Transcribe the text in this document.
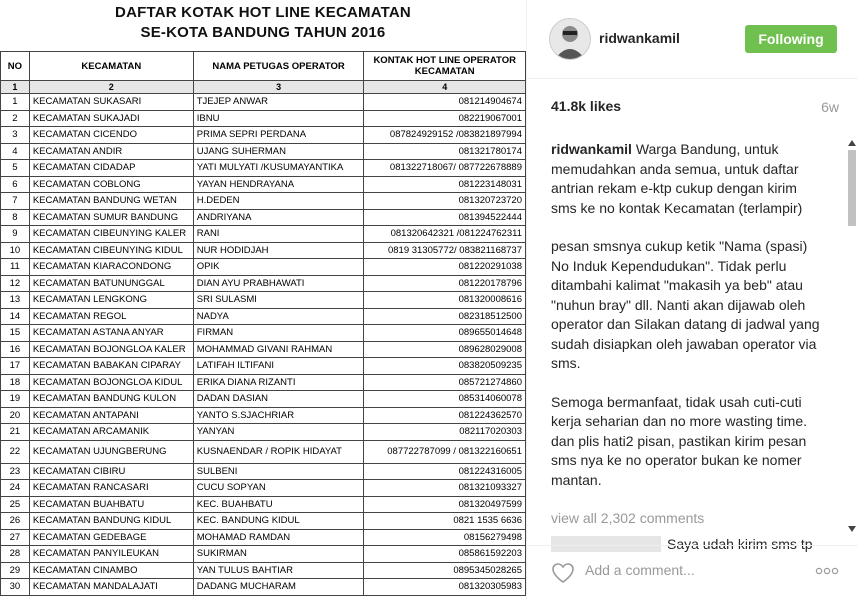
DAFTAR KOTAK HOT LINE KECAMATAN
SE-KOTA BANDUNG TAHUN 2016
NO	KECAMATAN	NAMA PETUGAS OPERATOR	KONTAK HOT LINE OPERATOR KECAMATAN
1	2	3	4
1	KECAMATAN SUKASARI	TJEJEP ANWAR	081214904674
2	KECAMATAN SUKAJADI	IBNU	082219067001
3	KECAMATAN CICENDO	PRIMA SEPRI PERDANA	087824929152 /083821897994
4	KECAMATAN ANDIR	UJANG SUHERMAN	081321780174
5	KECAMATAN CIDADAP	YATI MULYATI /KUSUMAYANTIKA	081322718067/ 087722678889
6	KECAMATAN COBLONG	YAYAN HENDRAYANA	081223148031
7	KECAMATAN BANDUNG WETAN	H.DEDEN	081320723720
8	KECAMATAN SUMUR BANDUNG	ANDRIYANA	081394522444
9	KECAMATAN CIBEUNYING KALER	RANI	081320642321 /081224762311
10	KECAMATAN CIBEUNYING KIDUL	NUR HODIDJAH	0819 31305772/ 083821168737
11	KECAMATAN KIARACONDONG	OPIK	081220291038
12	KECAMATAN BATUNUNGGAL	DIAN AYU PRABHAWATI	081220178796
13	KECAMATAN LENGKONG	SRI SULASMI	081320008616
14	KECAMATAN REGOL	NADYA	082318512500
15	KECAMATAN ASTANA ANYAR	FIRMAN	089655014648
16	KECAMATAN BOJONGLOA KALER	MOHAMMAD GIVANI RAHMAN	089628029008
17	KECAMATAN BABAKAN CIPARAY	LATIFAH ILTIFANI	083820509235
18	KECAMATAN BOJONGLOA KIDUL	ERIKA DIANA RIZANTI	085721274860
19	KECAMATAN BANDUNG KULON	DADAN DASIAN	085314060078
20	KECAMATAN ANTAPANI	YANTO S.SJACHRIAR	081224362570
21	KECAMATAN ARCAMANIK	YANYAN	082117020303
22	KECAMATAN UJUNGBERUNG	KUSNAENDAR / ROPIK HIDAYAT	087722787099 / 081322160651
23	KECAMATAN CIBIRU	SULBENI	081224316005
24	KECAMATAN RANCASARI	CUCU SOPYAN	081321093327
25	KECAMATAN BUAHBATU	KEC. BUAHBATU	081320497599
26	KECAMATAN BANDUNG KIDUL	KEC. BANDUNG KIDUL	0821 1535 6636
27	KECAMATAN GEDEBAGE	MOHAMAD RAMDAN	08156279498
28	KECAMATAN PANYILEUKAN	SUKIRMAN	085861592203
29	KECAMATAN CINAMBO	YAN TULUS BAHTIAR	0895345028265
30	KECAMATAN MANDALAJATI	DADANG MUCHARAM	081320305983
ridwankamil	Following
41.8k likes	6w

ridwankamil Warga Bandung, untuk memudahkan anda semua, untuk daftar antrian rekam e-ktp cukup dengan kirim sms ke no kontak Kecamatan (terlampir)

pesan smsnya cukup ketik "Nama (spasi) No Induk Kependudukan". Tidak perlu ditambahi kalimat "makasih ya beb" atau "nuhun bray" dll. Nanti akan dijawab oleh operator dan Silakan datang di jadwal yang sudah disiapkan oleh jawaban operator via sms.

Semoga bermanfaat, tidak usah cuti-cuti kerja seharian dan no more wasting time. dan plis hati2 pisan, pastikan kirim pesan sms nya ke no operator bukan ke nomer mantan.

view all 2,302 comments
Saya udah kirim sms tp
Add a comment...
